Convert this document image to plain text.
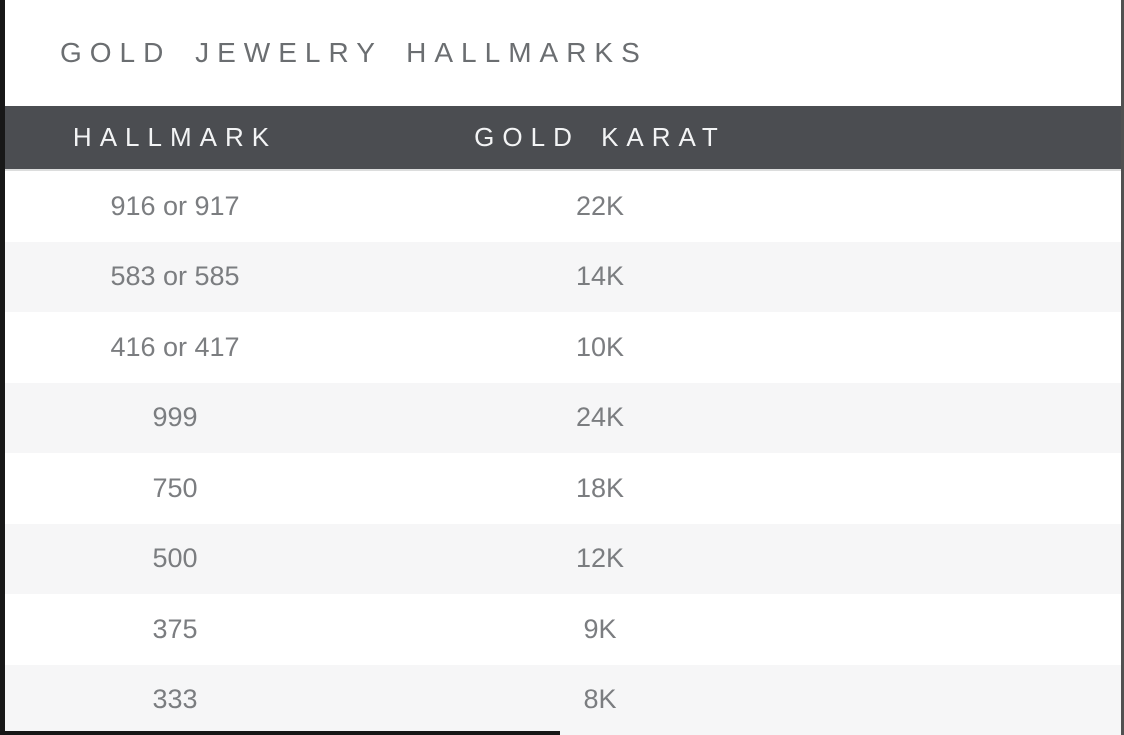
GOLD JEWELRY HALLMARKS
HALLMARK	GOLD KARAT
916 or 917	22K
583 or 585	14K
416 or 417	10K
999	24K
750	18K
500	12K
375	9K
333	8K
